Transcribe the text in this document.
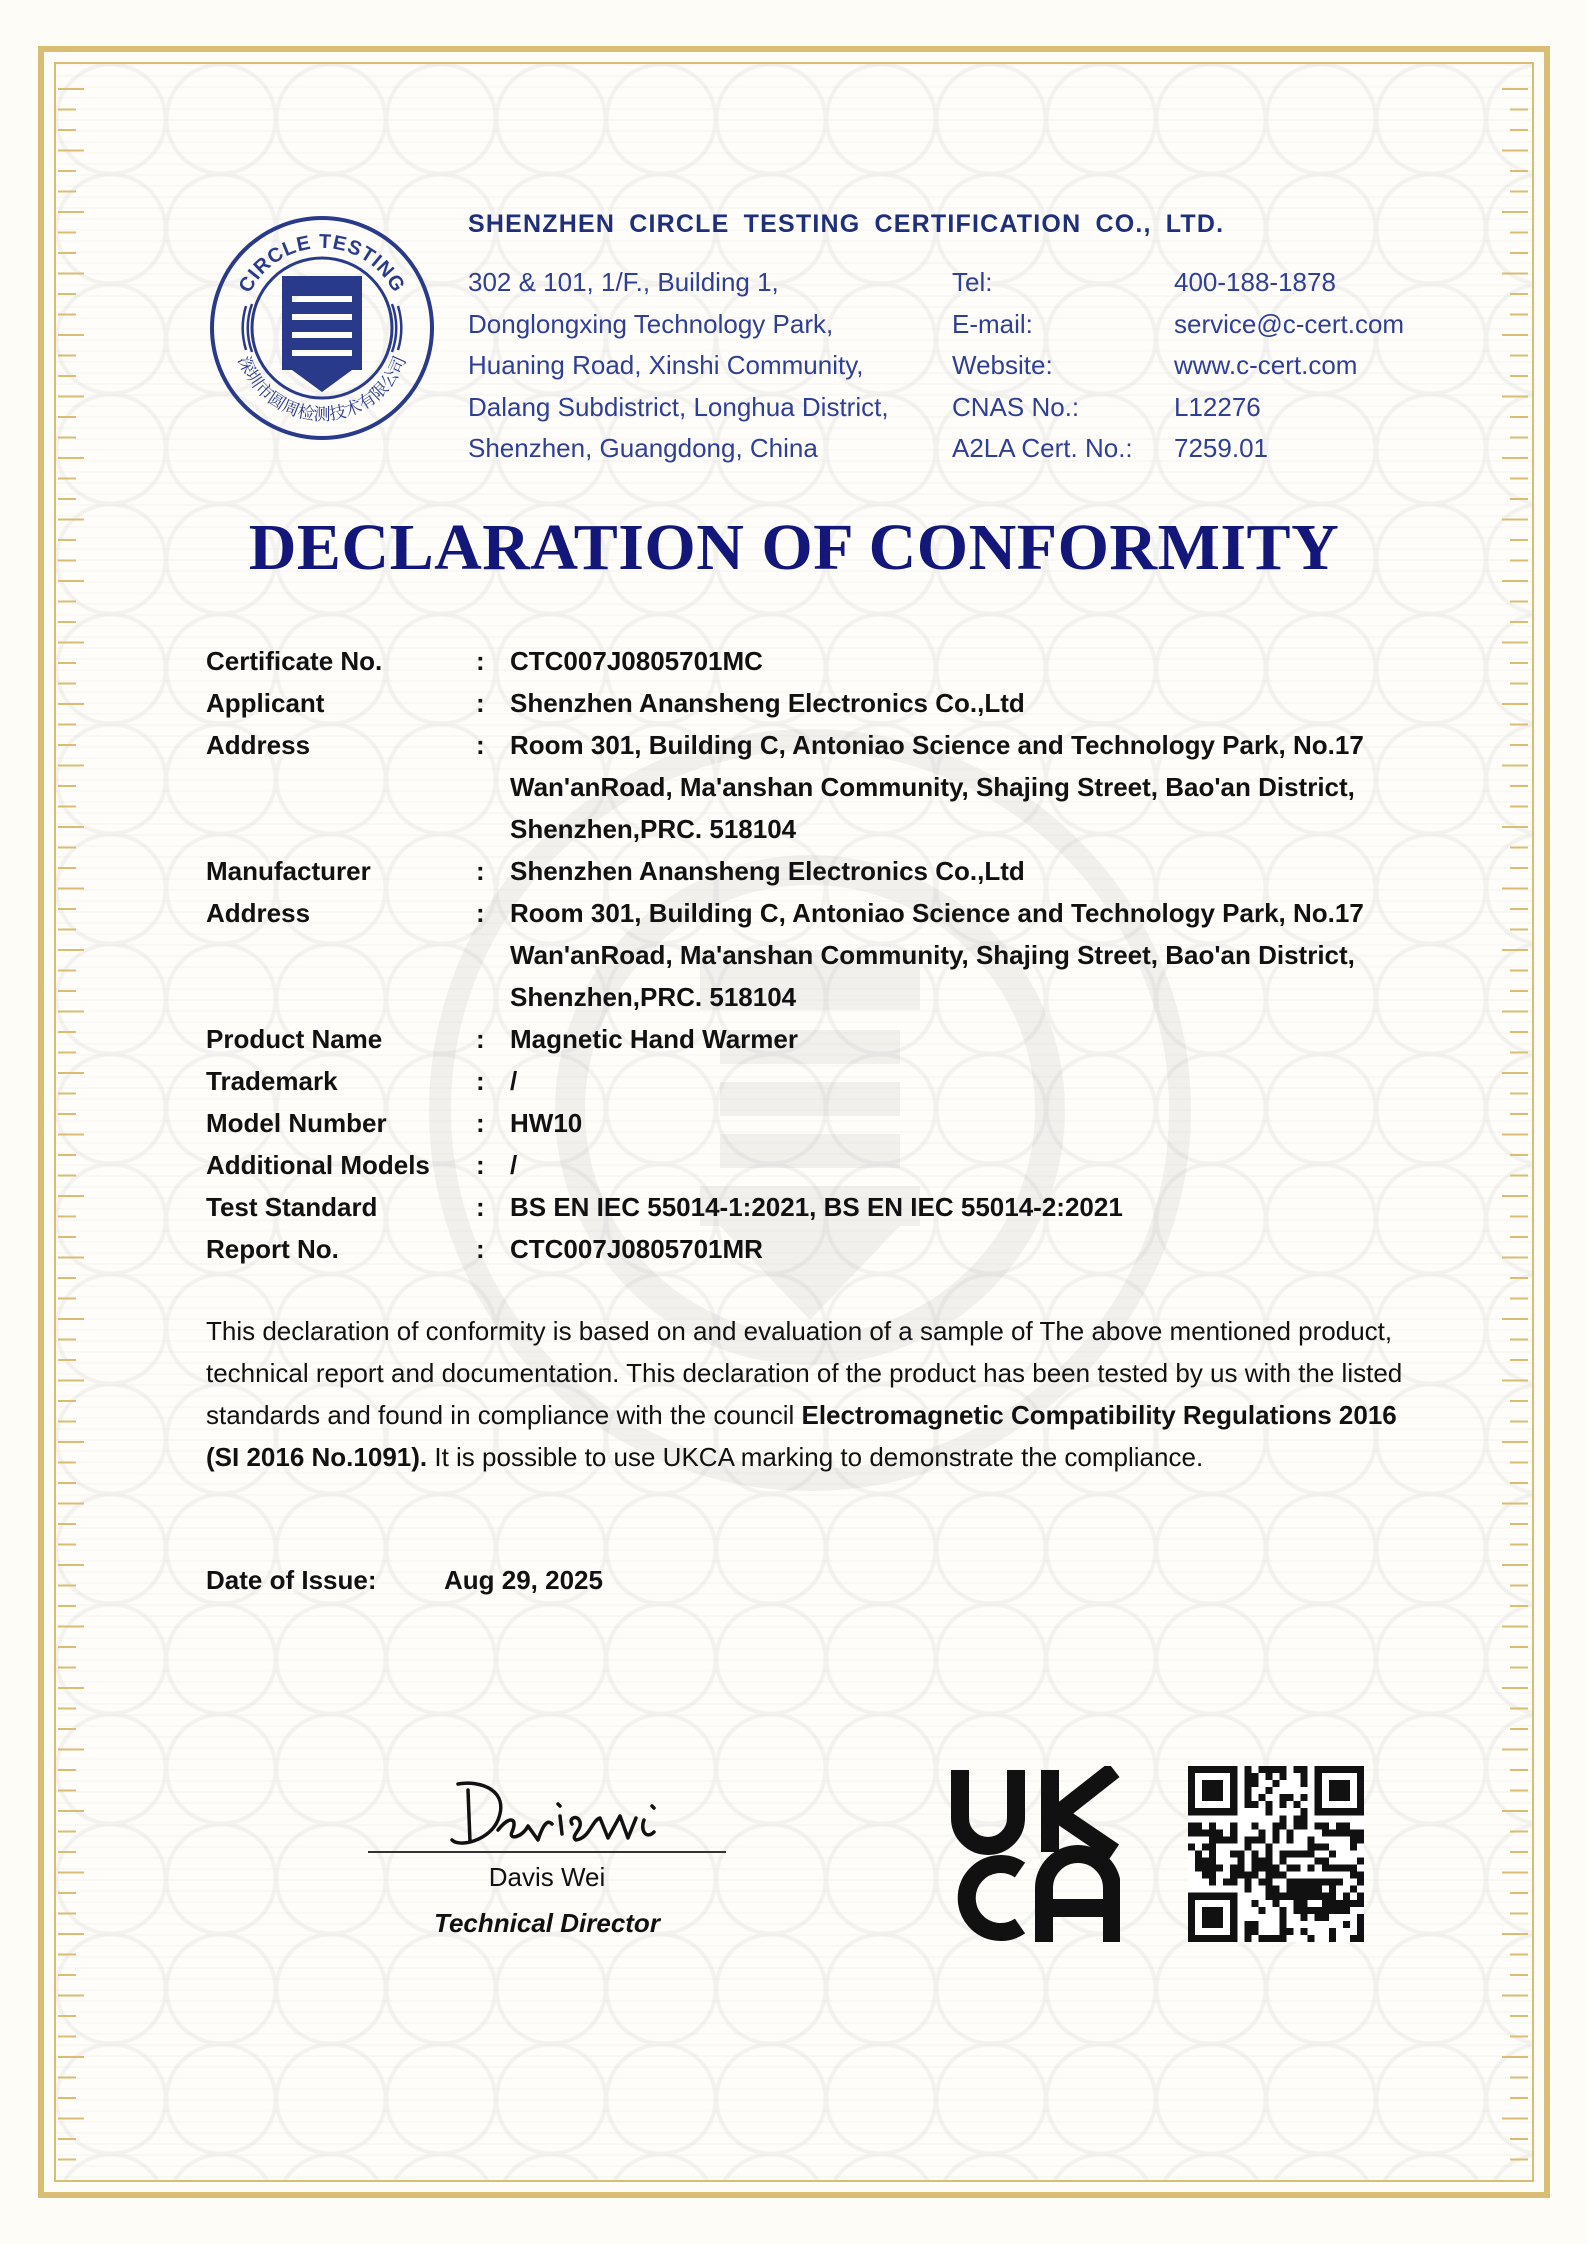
CIRCLE TESTING
深圳市圆周检测技术有限公司
SHENZHEN CIRCLE TESTING CERTIFICATION CO., LTD.
302 & 101, 1/F., Building 1,
Donglongxing Technology Park,
Huaning Road, Xinshi Community,
Dalang Subdistrict, Longhua District,
Shenzhen, Guangdong, China
Tel:	400-188-1878
E-mail:	service@c-cert.com
Website:	www.c-cert.com
CNAS No.:	L12276
A2LA Cert. No.:	7259.01
DECLARATION OF CONFORMITY
Certificate No.	: CTC007J0805701MC
Applicant	: Shenzhen Anansheng Electronics Co.,Ltd
Address	: Room 301, Building C, Antoniao Science and Technology Park, No.17 Wan'anRoad, Ma'anshan Community, Shajing Street, Bao'an District, Shenzhen,PRC. 518104
Manufacturer	: Shenzhen Anansheng Electronics Co.,Ltd
Address	: Room 301, Building C, Antoniao Science and Technology Park, No.17 Wan'anRoad, Ma'anshan Community, Shajing Street, Bao'an District, Shenzhen,PRC. 518104
Product Name	: Magnetic Hand Warmer
Trademark	: /
Model Number	: HW10
Additional Models	: /
Test Standard	: BS EN IEC 55014-1:2021, BS EN IEC 55014-2:2021
Report No.	: CTC007J0805701MR
This declaration of conformity is based on and evaluation of a sample of The above mentioned product, technical report and documentation. This declaration of the product has been tested by us with the listed standards and found in compliance with the council Electromagnetic Compatibility Regulations 2016 (SI 2016 No.1091). It is possible to use UKCA marking to demonstrate the compliance.
Date of Issue:	Aug 29, 2025
Davis Wei
Technical Director
